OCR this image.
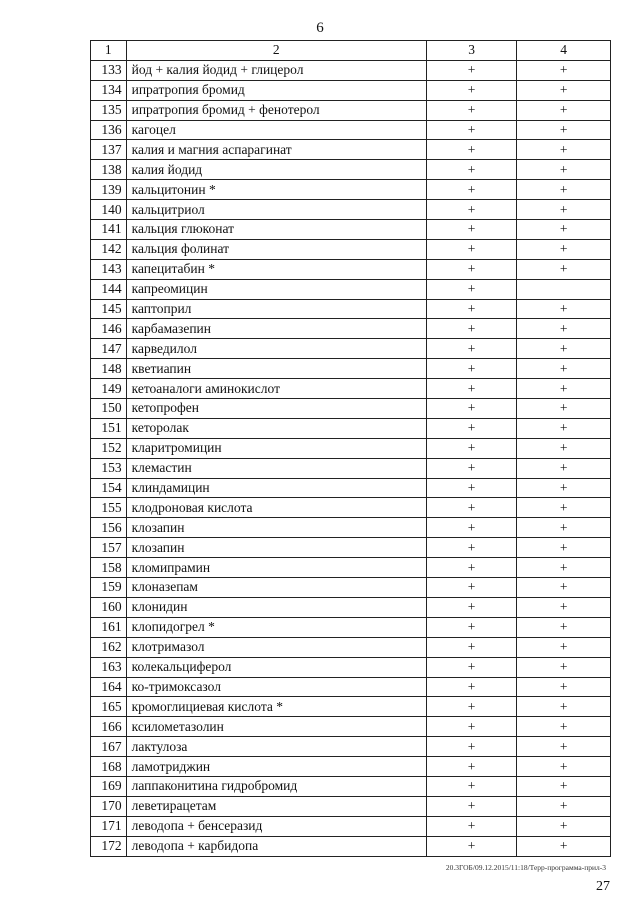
6
1	2	3	4
133	йод + калия йодид + глицерол	+	+
134	ипратропия бромид	+	+
135	ипратропия бромид + фенотерол	+	+
136	кагоцел	+	+
137	калия и магния аспарагинат	+	+
138	калия йодид	+	+
139	кальцитонин *	+	+
140	кальцитриол	+	+
141	кальция глюконат	+	+
142	кальция фолинат	+	+
143	капецитабин *	+	+
144	капреомицин	+	
145	каптоприл	+	+
146	карбамазепин	+	+
147	карведилол	+	+
148	кветиапин	+	+
149	кетоаналоги аминокислот	+	+
150	кетопрофен	+	+
151	кеторолак	+	+
152	кларитромицин	+	+
153	клемастин	+	+
154	клиндамицин	+	+
155	клодроновая кислота	+	+
156	клозапин	+	+
157	клозапин	+	+
158	кломипрамин	+	+
159	клоназепам	+	+
160	клонидин	+	+
161	клопидогрел *	+	+
162	клотримазол	+	+
163	колекальциферол	+	+
164	ко-тримоксазол	+	+
165	кромоглициевая кислота *	+	+
166	ксилометазолин	+	+
167	лактулоза	+	+
168	ламотриджин	+	+
169	лаппаконитина гидробромид	+	+
170	леветирацетам	+	+
171	леводопа + бенсеразид	+	+
172	леводопа + карбидопа	+	+
20.3ГОБ/09.12.2015/11:18/Терр-программа-прил-3
27
